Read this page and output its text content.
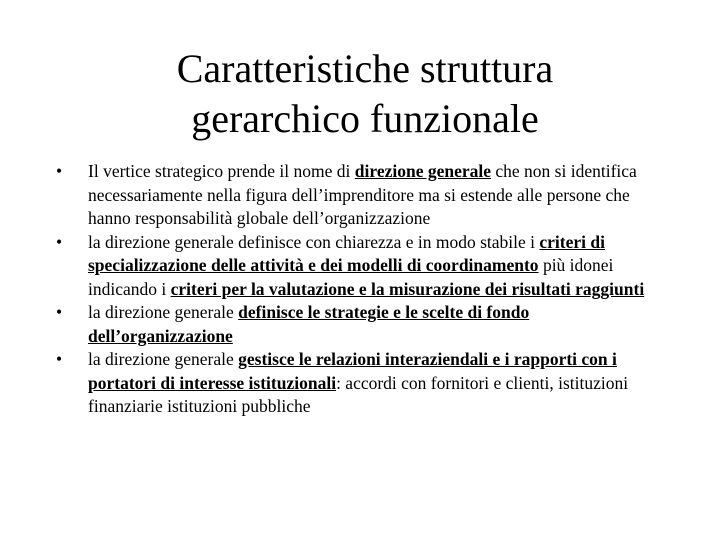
Caratteristiche struttura
gerarchico funzionale
• Il vertice strategico prende il nome di direzione generale che non si identifica necessariamente nella figura dell’imprenditore ma si estende alle persone che hanno responsabilità globale dell’organizzazione
• la direzione generale definisce con chiarezza e in modo stabile i criteri di specializzazione delle attività e dei modelli di coordinamento più idonei indicando i criteri per la valutazione e la misurazione dei risultati raggiunti
• la direzione generale definisce le strategie e le scelte di fondo dell’organizzazione
• la direzione generale gestisce le relazioni interaziendali e i rapporti con i portatori di interesse istituzionali: accordi con fornitori e clienti, istituzioni finanziarie istituzioni pubbliche
